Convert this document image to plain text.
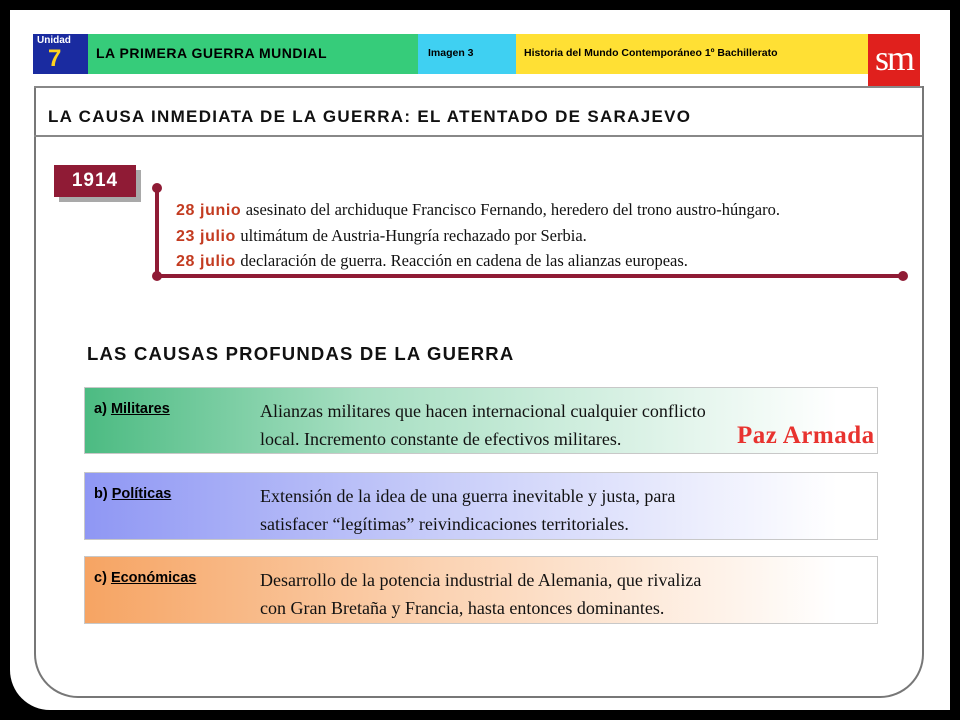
Unidad
7 LA PRIMERA GUERRA MUNDIAL	Imagen 3	Historia del Mundo Contemporáneo 1º Bachillerato	sm
LA CAUSA INMEDIATA DE LA GUERRA: EL ATENTADO DE SARAJEVO
1914
28 junio asesinato del archiduque Francisco Fernando, heredero del trono austro-húngaro.
23 julio ultimátum de Austria-Hungría rechazado por Serbia.
28 julio declaración de guerra. Reacción en cadena de las alianzas europeas.
LAS CAUSAS PROFUNDAS DE LA GUERRA
a) Militares	Alianzas militares que hacen internacional cualquier conflicto
local. Incremento constante de efectivos militares.	Paz Armada
b) Políticas	Extensión de la idea de una guerra inevitable y justa, para
satisfacer “legítimas” reivindicaciones territoriales.
c) Económicas	Desarrollo de la potencia industrial de Alemania, que rivaliza
con Gran Bretaña y Francia, hasta entonces dominantes.
